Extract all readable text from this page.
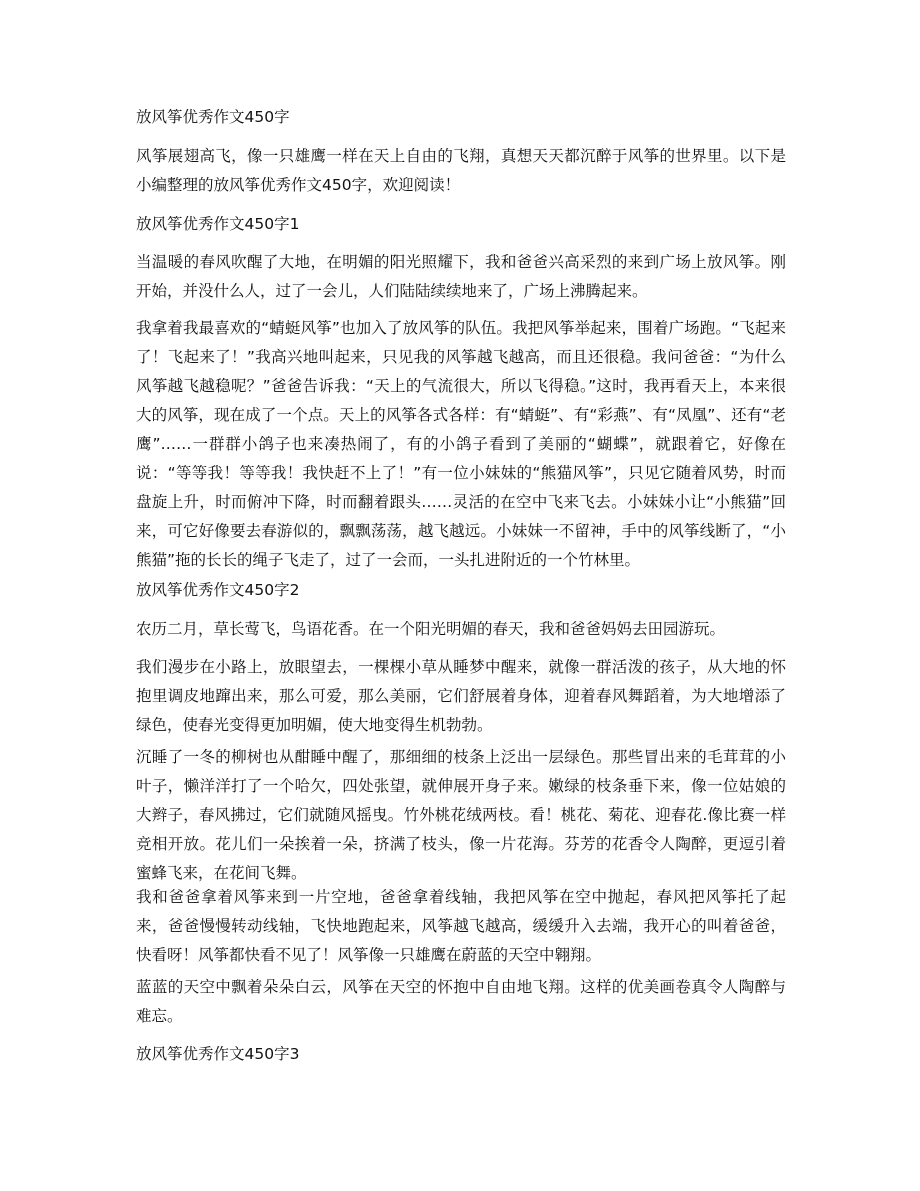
放风筝优秀作文450字

风筝展翅高飞，像一只雄鹰一样在天上自由的飞翔，真想天天都沉醉于风筝的世界里。以下是小编整理的放风筝优秀作文450字，欢迎阅读！

放风筝优秀作文450字1

当温暖的春风吹醒了大地，在明媚的阳光照耀下，我和爸爸兴高采烈的来到广场上放风筝。刚开始，并没什么人，过了一会儿，人们陆陆续续地来了，广场上沸腾起来。

我拿着我最喜欢的“蜻蜓风筝”也加入了放风筝的队伍。我把风筝举起来，围着广场跑。“飞起来了！飞起来了！”我高兴地叫起来，只见我的风筝越飞越高，而且还很稳。我问爸爸：“为什么风筝越飞越稳呢？”爸爸告诉我：“天上的气流很大，所以飞得稳。”这时，我再看天上，本来很大的风筝，现在成了一个点。天上的风筝各式各样：有“蜻蜓”、有“彩燕”、有“凤凰”、还有“老鹰”……一群群小鸽子也来凑热闹了，有的小鸽子看到了美丽的“蝴蝶”，就跟着它，好像在说：“等等我！等等我！我快赶不上了！”有一位小妹妹的“熊猫风筝”，只见它随着风势，时而盘旋上升，时而俯冲下降，时而翻着跟头……灵活的在空中飞来飞去。小妹妹小让“小熊猫”回来，可它好像要去春游似的，飘飘荡荡，越飞越远。小妹妹一不留神，手中的风筝线断了，“小熊猫”拖的长长的绳子飞走了，过了一会而，一头扎进附近的一个竹林里。

放风筝优秀作文450字2

农历二月，草长莺飞，鸟语花香。在一个阳光明媚的春天，我和爸爸妈妈去田园游玩。

我们漫步在小路上，放眼望去，一棵棵小草从睡梦中醒来，就像一群活泼的孩子，从大地的怀抱里调皮地蹿出来，那么可爱，那么美丽，它们舒展着身体，迎着春风舞蹈着，为大地增添了绿色，使春光变得更加明媚，使大地变得生机勃勃。

沉睡了一冬的柳树也从酣睡中醒了，那细细的枝条上泛出一层绿色。那些冒出来的毛茸茸的小叶子，懒洋洋打了一个哈欠，四处张望，就伸展开身子来。嫩绿的枝条垂下来，像一位姑娘的大辫子，春风拂过，它们就随风摇曳。竹外桃花绒两枝。看！桃花、菊花、迎春花.像比赛一样竞相开放。花儿们一朵挨着一朵，挤满了枝头，像一片花海。芬芳的花香令人陶醉，更逗引着蜜蜂飞来，在花间飞舞。

我和爸爸拿着风筝来到一片空地，爸爸拿着线轴，我把风筝在空中抛起，春风把风筝托了起来，爸爸慢慢转动线轴，飞快地跑起来，风筝越飞越高，缓缓升入去端，我开心的叫着爸爸，快看呀！风筝都快看不见了！风筝像一只雄鹰在蔚蓝的天空中翱翔。

蓝蓝的天空中飘着朵朵白云，风筝在天空的怀抱中自由地飞翔。这样的优美画卷真令人陶醉与难忘。

放风筝优秀作文450字3
